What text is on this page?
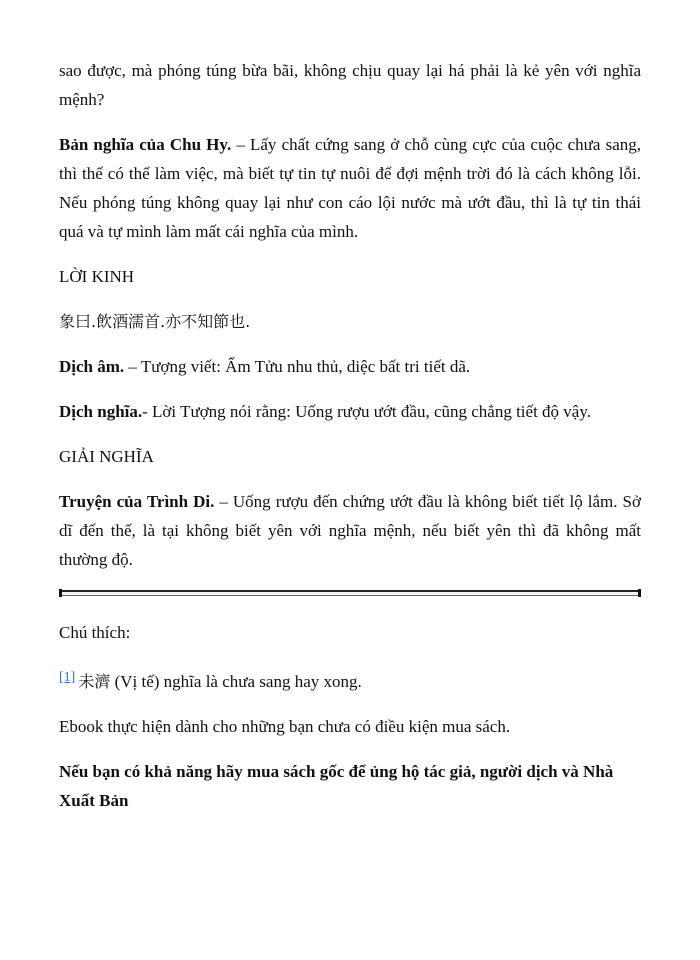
sao được, mà phóng túng bừa bãi, không chịu quay lại há phải là kẻ yên với nghĩa mệnh?

Bản nghĩa của Chu Hy. – Lấy chất cứng sang ở chỗ cùng cực của cuộc chưa sang, thì thế có thể làm việc, mà biết tự tin tự nuôi để đợi mệnh trời đó là cách không lỗi. Nếu phóng túng không quay lại như con cáo lội nước mà ướt đầu, thì là tự tin thái quá và tự mình làm mất cái nghĩa của mình.

LỜI KINH

象曰.飲酒濡首.亦不知節也.

Dịch âm. – Tượng viết: Ẩm Tửu nhu thủ, diệc bất tri tiết dã.

Dịch nghĩa.- Lời Tượng nói rằng: Uống rượu ướt đầu, cũng chẳng tiết độ vậy.

GIẢI NGHĨA

Truyện của Trình Di. – Uống rượu đến chứng ướt đầu là không biết tiết lộ lắm. Sở dĩ đến thế, là tại không biết yên với nghĩa mệnh, nếu biết yên thì đã không mất thường độ.

Chú thích:

[1] 未濟 (Vị tế) nghĩa là chưa sang hay xong.

Ebook thực hiện dành cho những bạn chưa có điều kiện mua sách.

Nếu bạn có khả năng hãy mua sách gốc để ủng hộ tác giả, người dịch và Nhà Xuất Bản
